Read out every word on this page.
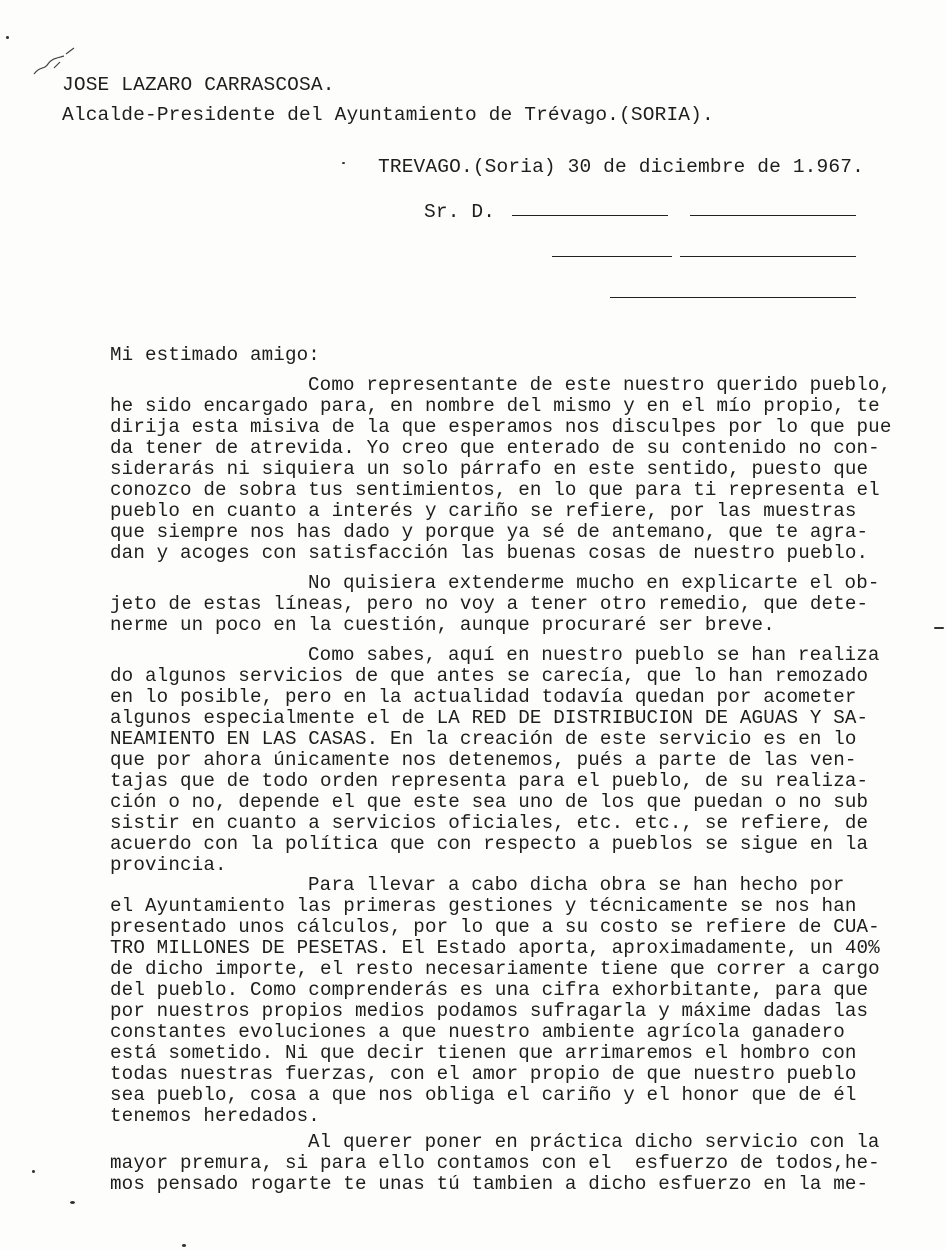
JOSE LAZARO CARRASCOSA.
Alcalde-Presidente del Ayuntamiento de Trévago.(SORIA).
TREVAGO.(Soria) 30 de diciembre de 1.967.
Sr. D.
Mi estimado amigo:
Como representante de este nuestro querido pueblo,
he sido encargado para, en nombre del mismo y en el mío propio, te
dirija esta misiva de la que esperamos nos disculpes por lo que pue
da tener de atrevida. Yo creo que enterado de su contenido no con-
siderarás ni siquiera un solo párrafo en este sentido, puesto que
conozco de sobra tus sentimientos, en lo que para ti representa el
pueblo en cuanto a interés y cariño se refiere, por las muestras
que siempre nos has dado y porque ya sé de antemano, que te agra-
dan y acoges con satisfacción las buenas cosas de nuestro pueblo.
No quisiera extenderme mucho en explicarte el ob-
jeto de estas líneas, pero no voy a tener otro remedio, que dete-
nerme un poco en la cuestión, aunque procuraré ser breve.
Como sabes, aquí en nuestro pueblo se han realiza
do algunos servicios de que antes se carecía, que lo han remozado
en lo posible, pero en la actualidad todavía quedan por acometer
algunos especialmente el de LA RED DE DISTRIBUCION DE AGUAS Y SA-
NEAMIENTO EN LAS CASAS. En la creación de este servicio es en lo
que por ahora únicamente nos detenemos, pués a parte de las ven-
tajas que de todo orden representa para el pueblo, de su realiza-
ción o no, depende el que este sea uno de los que puedan o no sub
sistir en cuanto a servicios oficiales, etc. etc., se refiere, de
acuerdo con la política que con respecto a pueblos se sigue en la
provincia.
Para llevar a cabo dicha obra se han hecho por
el Ayuntamiento las primeras gestiones y técnicamente se nos han
presentado unos cálculos, por lo que a su costo se refiere de CUA-
TRO MILLONES DE PESETAS. El Estado aporta, aproximadamente, un 40%
de dicho importe, el resto necesariamente tiene que correr a cargo
del pueblo. Como comprenderás es una cifra exhorbitante, para que
por nuestros propios medios podamos sufragarla y máxime dadas las
constantes evoluciones a que nuestro ambiente agrícola ganadero
está sometido. Ni que decir tienen que arrimaremos el hombro con
todas nuestras fuerzas, con el amor propio de que nuestro pueblo
sea pueblo, cosa a que nos obliga el cariño y el honor que de él
tenemos heredados.
Al querer poner en práctica dicho servicio con la
mayor premura, si para ello contamos con el  esfuerzo de todos,he-
mos pensado rogarte te unas tú tambien a dicho esfuerzo en la me-
